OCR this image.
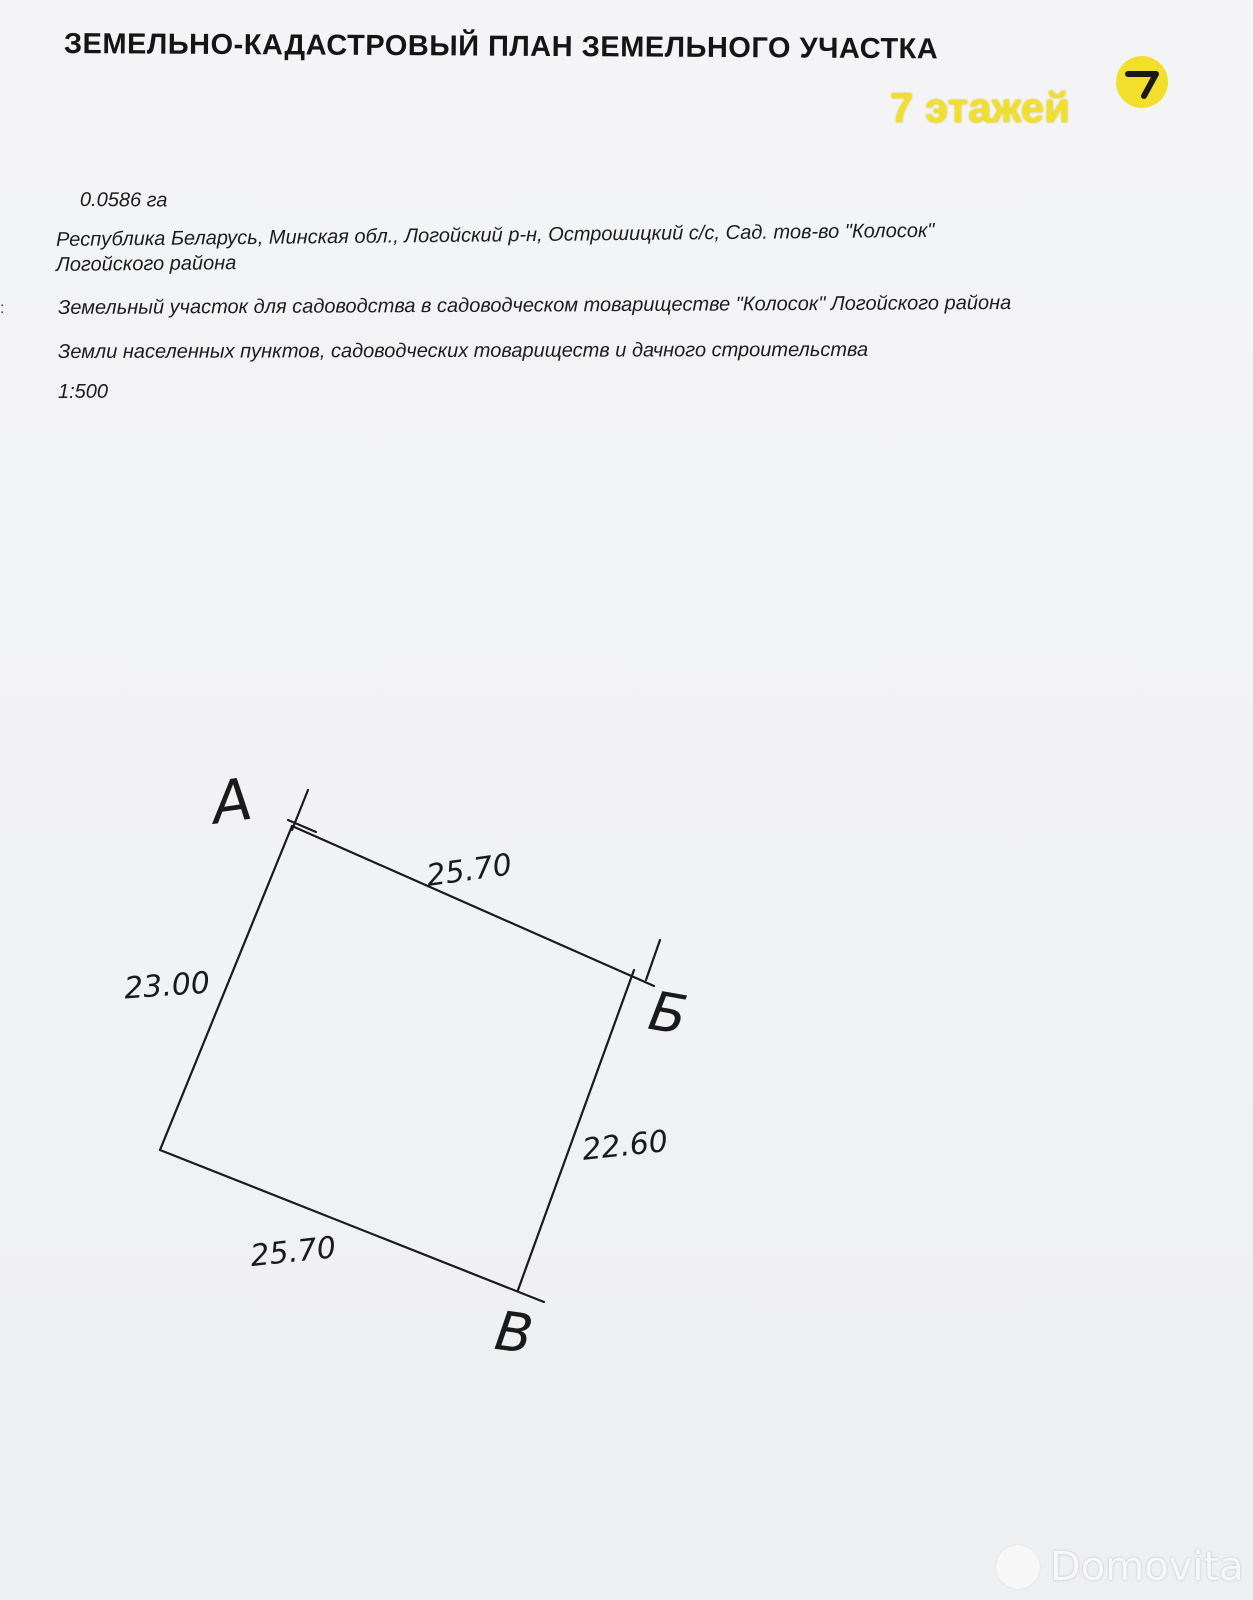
:
ЗЕМЕЛЬНО-КАДАСТРОВЫЙ ПЛАН ЗЕМЕЛЬНОГО УЧАСТКА
7 этажей
0.0586 га
Республика Беларусь, Минская обл., Логойский р-н, Острошицкий с/с, Сад. тов-во "Колосок"
Логойского района
Земельный участок для садоводства в садоводческом товариществе "Колосок" Логойского района
Земли населенных пунктов, садоводческих товариществ и дачного строительства
1:500
A
Б
В
25.70
23.00
22.60
25.70
Domovita
